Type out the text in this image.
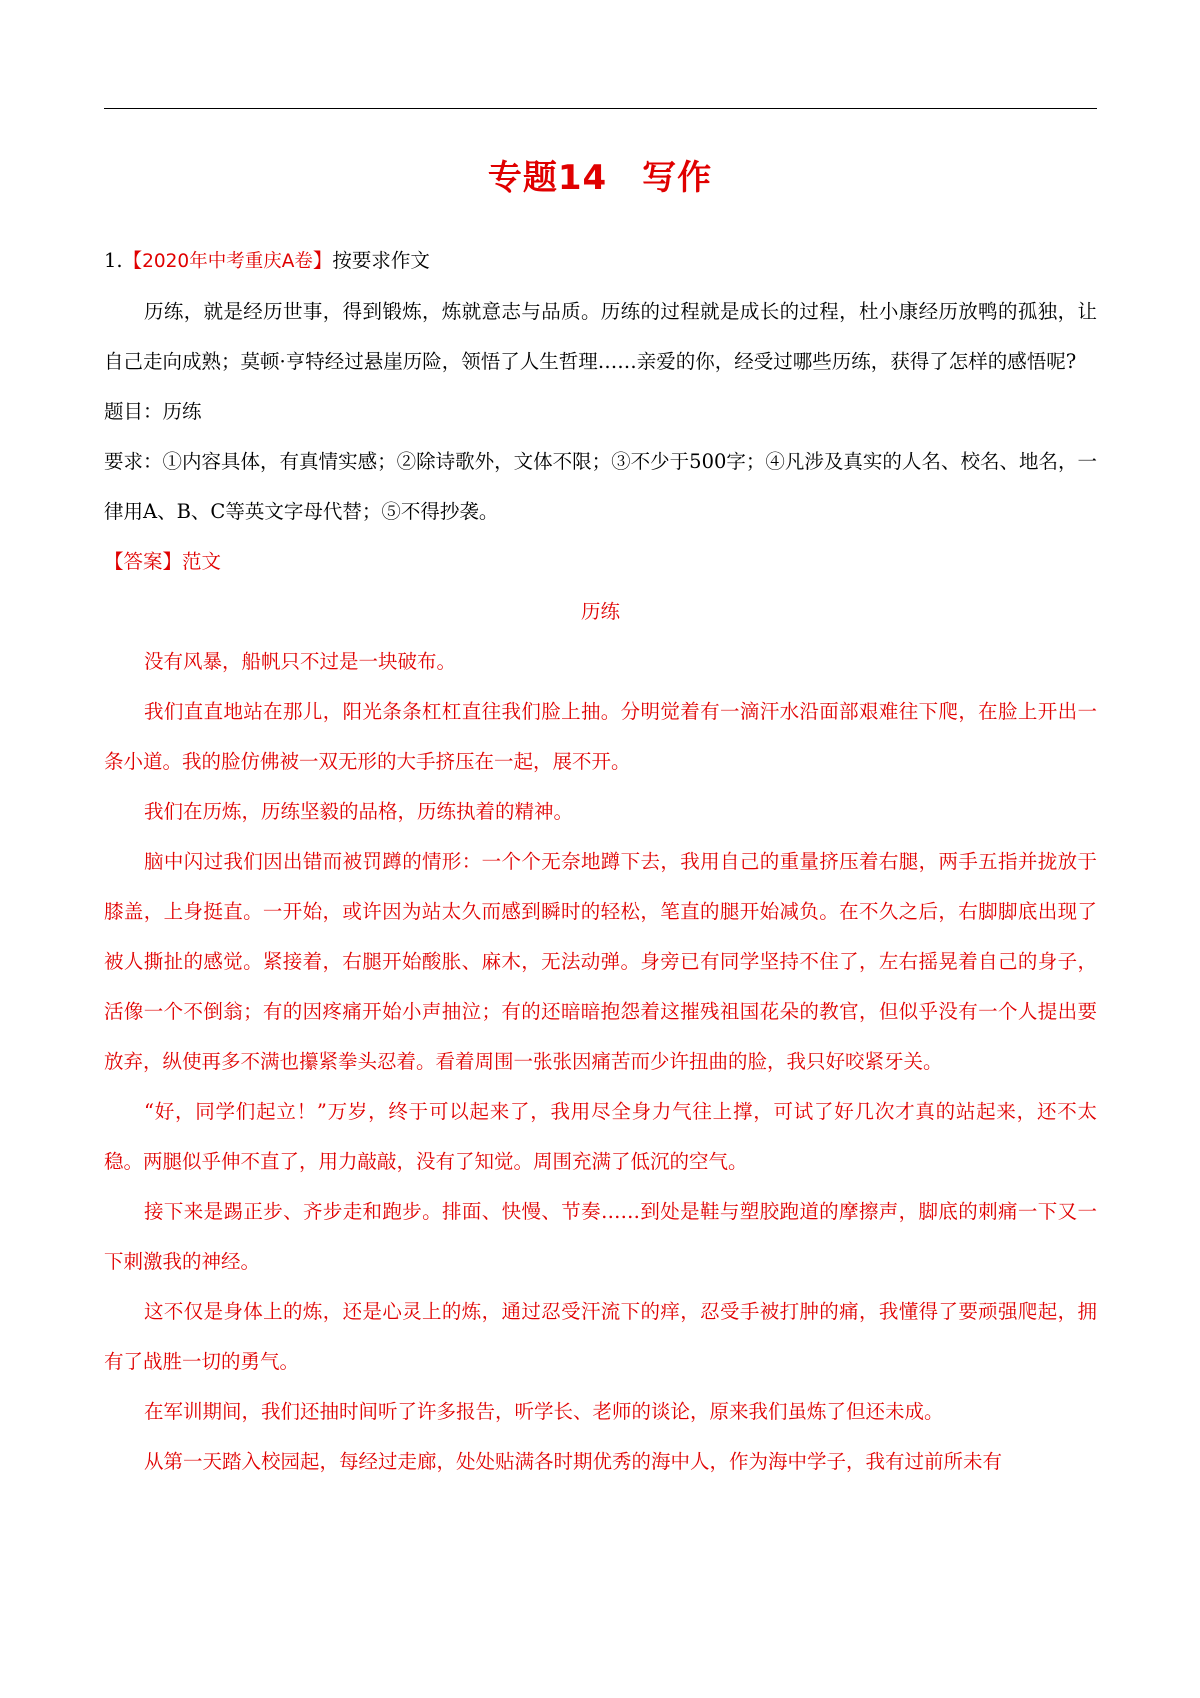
专题14　写作

1.【2020年中考重庆A卷】按要求作文

历练，就是经历世事，得到锻炼，炼就意志与品质。历练的过程就是成长的过程，杜小康经历放鸭的孤独，让自己走向成熟；莫顿·亨特经过悬崖历险，领悟了人生哲理……亲爱的你，经受过哪些历练，获得了怎样的感悟呢?

题目：历练

要求：①内容具体，有真情实感；②除诗歌外，文体不限；③不少于500字；④凡涉及真实的人名、校名、地名，一律用A、B、C等英文字母代替；⑤不得抄袭。

【答案】范文

历练

没有风暴，船帆只不过是一块破布。

我们直直地站在那儿，阳光条条杠杠直往我们脸上抽。分明觉着有一滴汗水沿面部艰难往下爬，在脸上开出一条小道。我的脸仿佛被一双无形的大手挤压在一起，展不开。

我们在历炼，历练坚毅的品格，历练执着的精神。

脑中闪过我们因出错而被罚蹲的情形：一个个无奈地蹲下去，我用自己的重量挤压着右腿，两手五指并拢放于膝盖，上身挺直。一开始，或许因为站太久而感到瞬时的轻松，笔直的腿开始减负。在不久之后，右脚脚底出现了被人撕扯的感觉。紧接着，右腿开始酸胀、麻木，无法动弹。身旁已有同学坚持不住了，左右摇晃着自己的身子，活像一个不倒翁；有的因疼痛开始小声抽泣；有的还暗暗抱怨着这摧残祖国花朵的教官，但似乎没有一个人提出要放弃，纵使再多不满也攥紧拳头忍着。看着周围一张张因痛苦而少许扭曲的脸，我只好咬紧牙关。

“好，同学们起立！”万岁，终于可以起来了，我用尽全身力气往上撑，可试了好几次才真的站起来，还不太稳。两腿似乎伸不直了，用力敲敲，没有了知觉。周围充满了低沉的空气。

接下来是踢正步、齐步走和跑步。排面、快慢、节奏……到处是鞋与塑胶跑道的摩擦声，脚底的刺痛一下又一下刺激我的神经。

这不仅是身体上的炼，还是心灵上的炼，通过忍受汗流下的痒，忍受手被打肿的痛，我懂得了要顽强爬起，拥有了战胜一切的勇气。

在军训期间，我们还抽时间听了许多报告，听学长、老师的谈论，原来我们虽炼了但还未成。

从第一天踏入校园起，每经过走廊，处处贴满各时期优秀的海中人，作为海中学子，我有过前所未有
